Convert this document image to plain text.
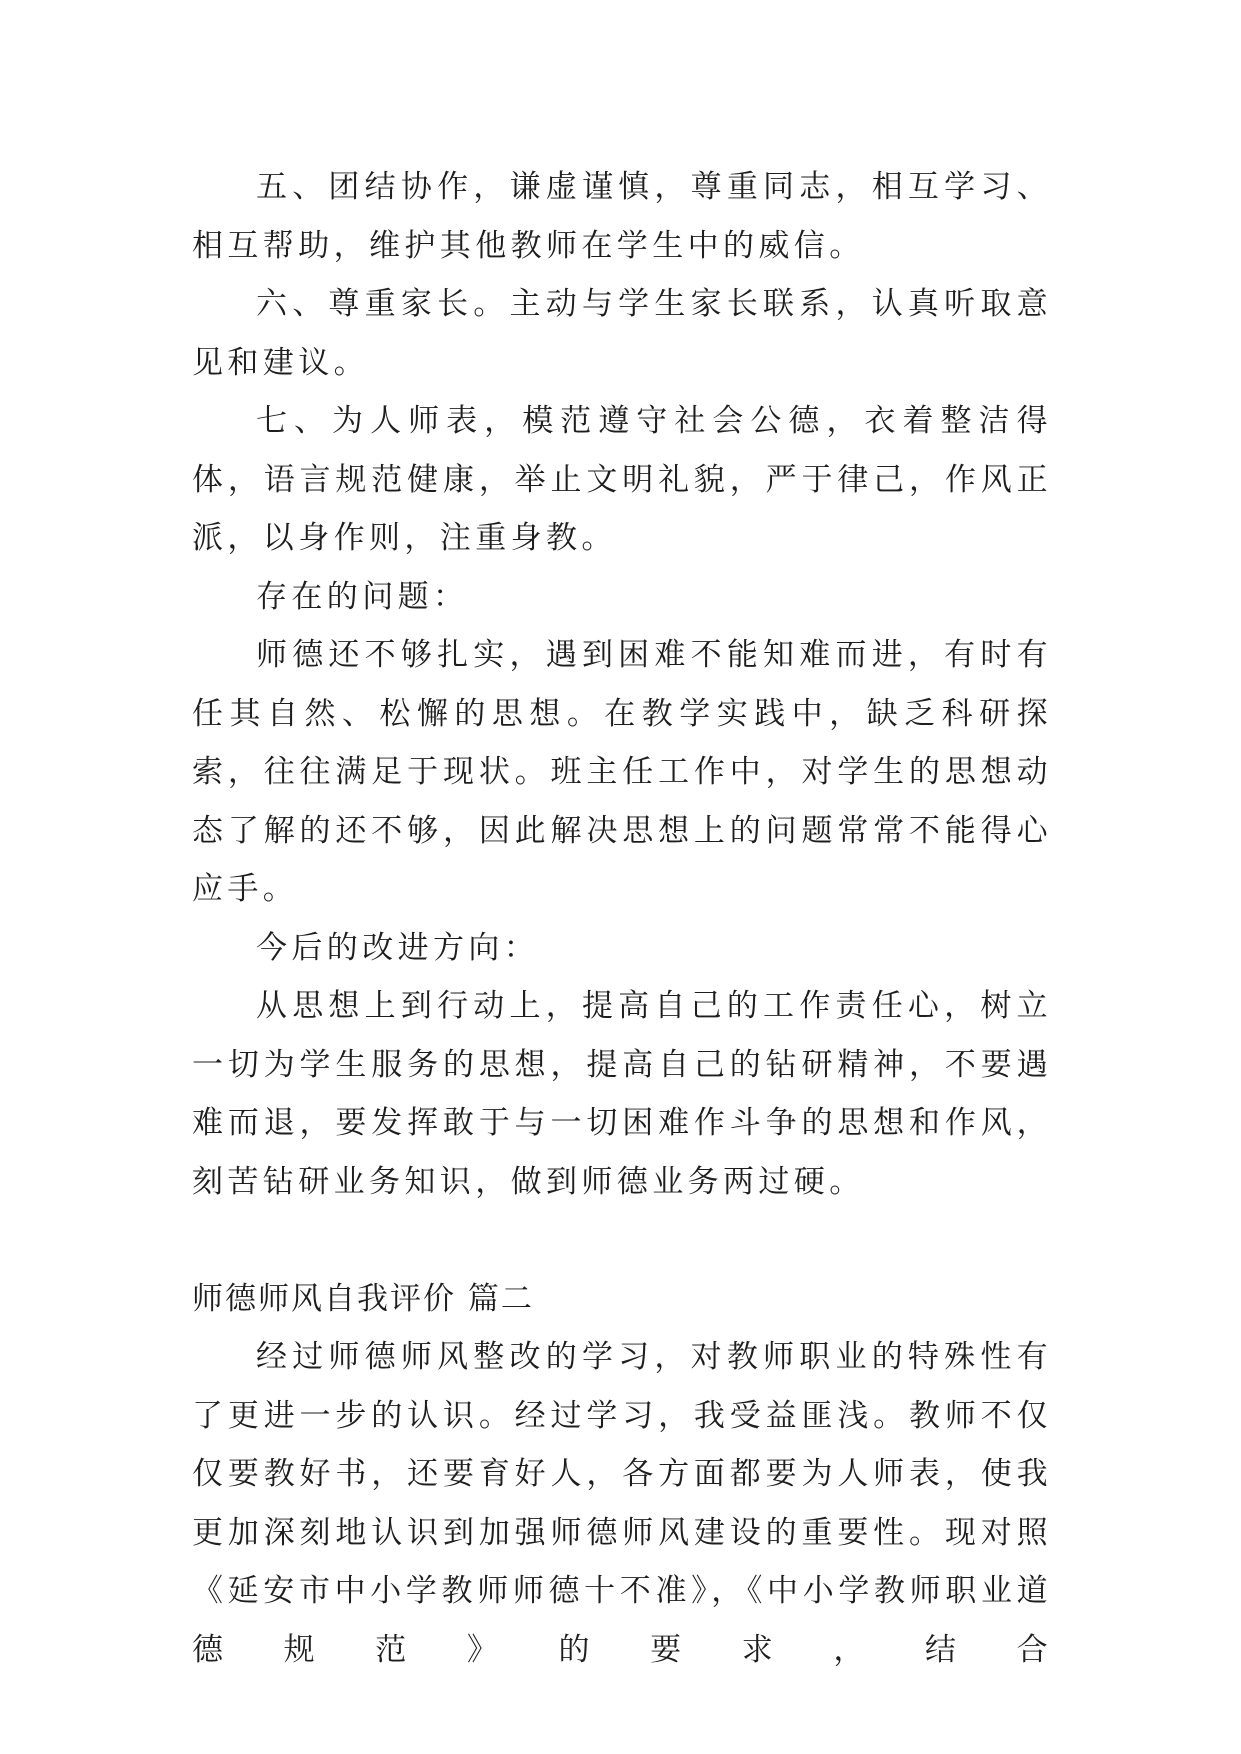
五、团结协作，谦虚谨慎，尊重同志，相互学习、相互帮助，维护其他教师在学生中的威信。

六、尊重家长。主动与学生家长联系，认真听取意见和建议。

七、为人师表，模范遵守社会公德，衣着整洁得体，语言规范健康，举止文明礼貌，严于律己，作风正派，以身作则，注重身教。

存在的问题：

师德还不够扎实，遇到困难不能知难而进，有时有任其自然、松懈的思想。在教学实践中，缺乏科研探索，往往满足于现状。班主任工作中，对学生的思想动态了解的还不够，因此解决思想上的问题常常不能得心应手。

今后的改进方向：

从思想上到行动上，提高自己的工作责任心，树立一切为学生服务的思想，提高自己的钻研精神，不要遇难而退，要发挥敢于与一切困难作斗争的思想和作风，刻苦钻研业务知识，做到师德业务两过硬。

师德师风自我评价 篇二

经过师德师风整改的学习，对教师职业的特殊性有了更进一步的认识。经过学习，我受益匪浅。教师不仅仅要教好书，还要育好人，各方面都要为人师表，使我更加深刻地认识到加强师德师风建设的重要性。现对照《延安市中小学教师师德十不准》，《中小学教师职业道德规范》的要求，结合
